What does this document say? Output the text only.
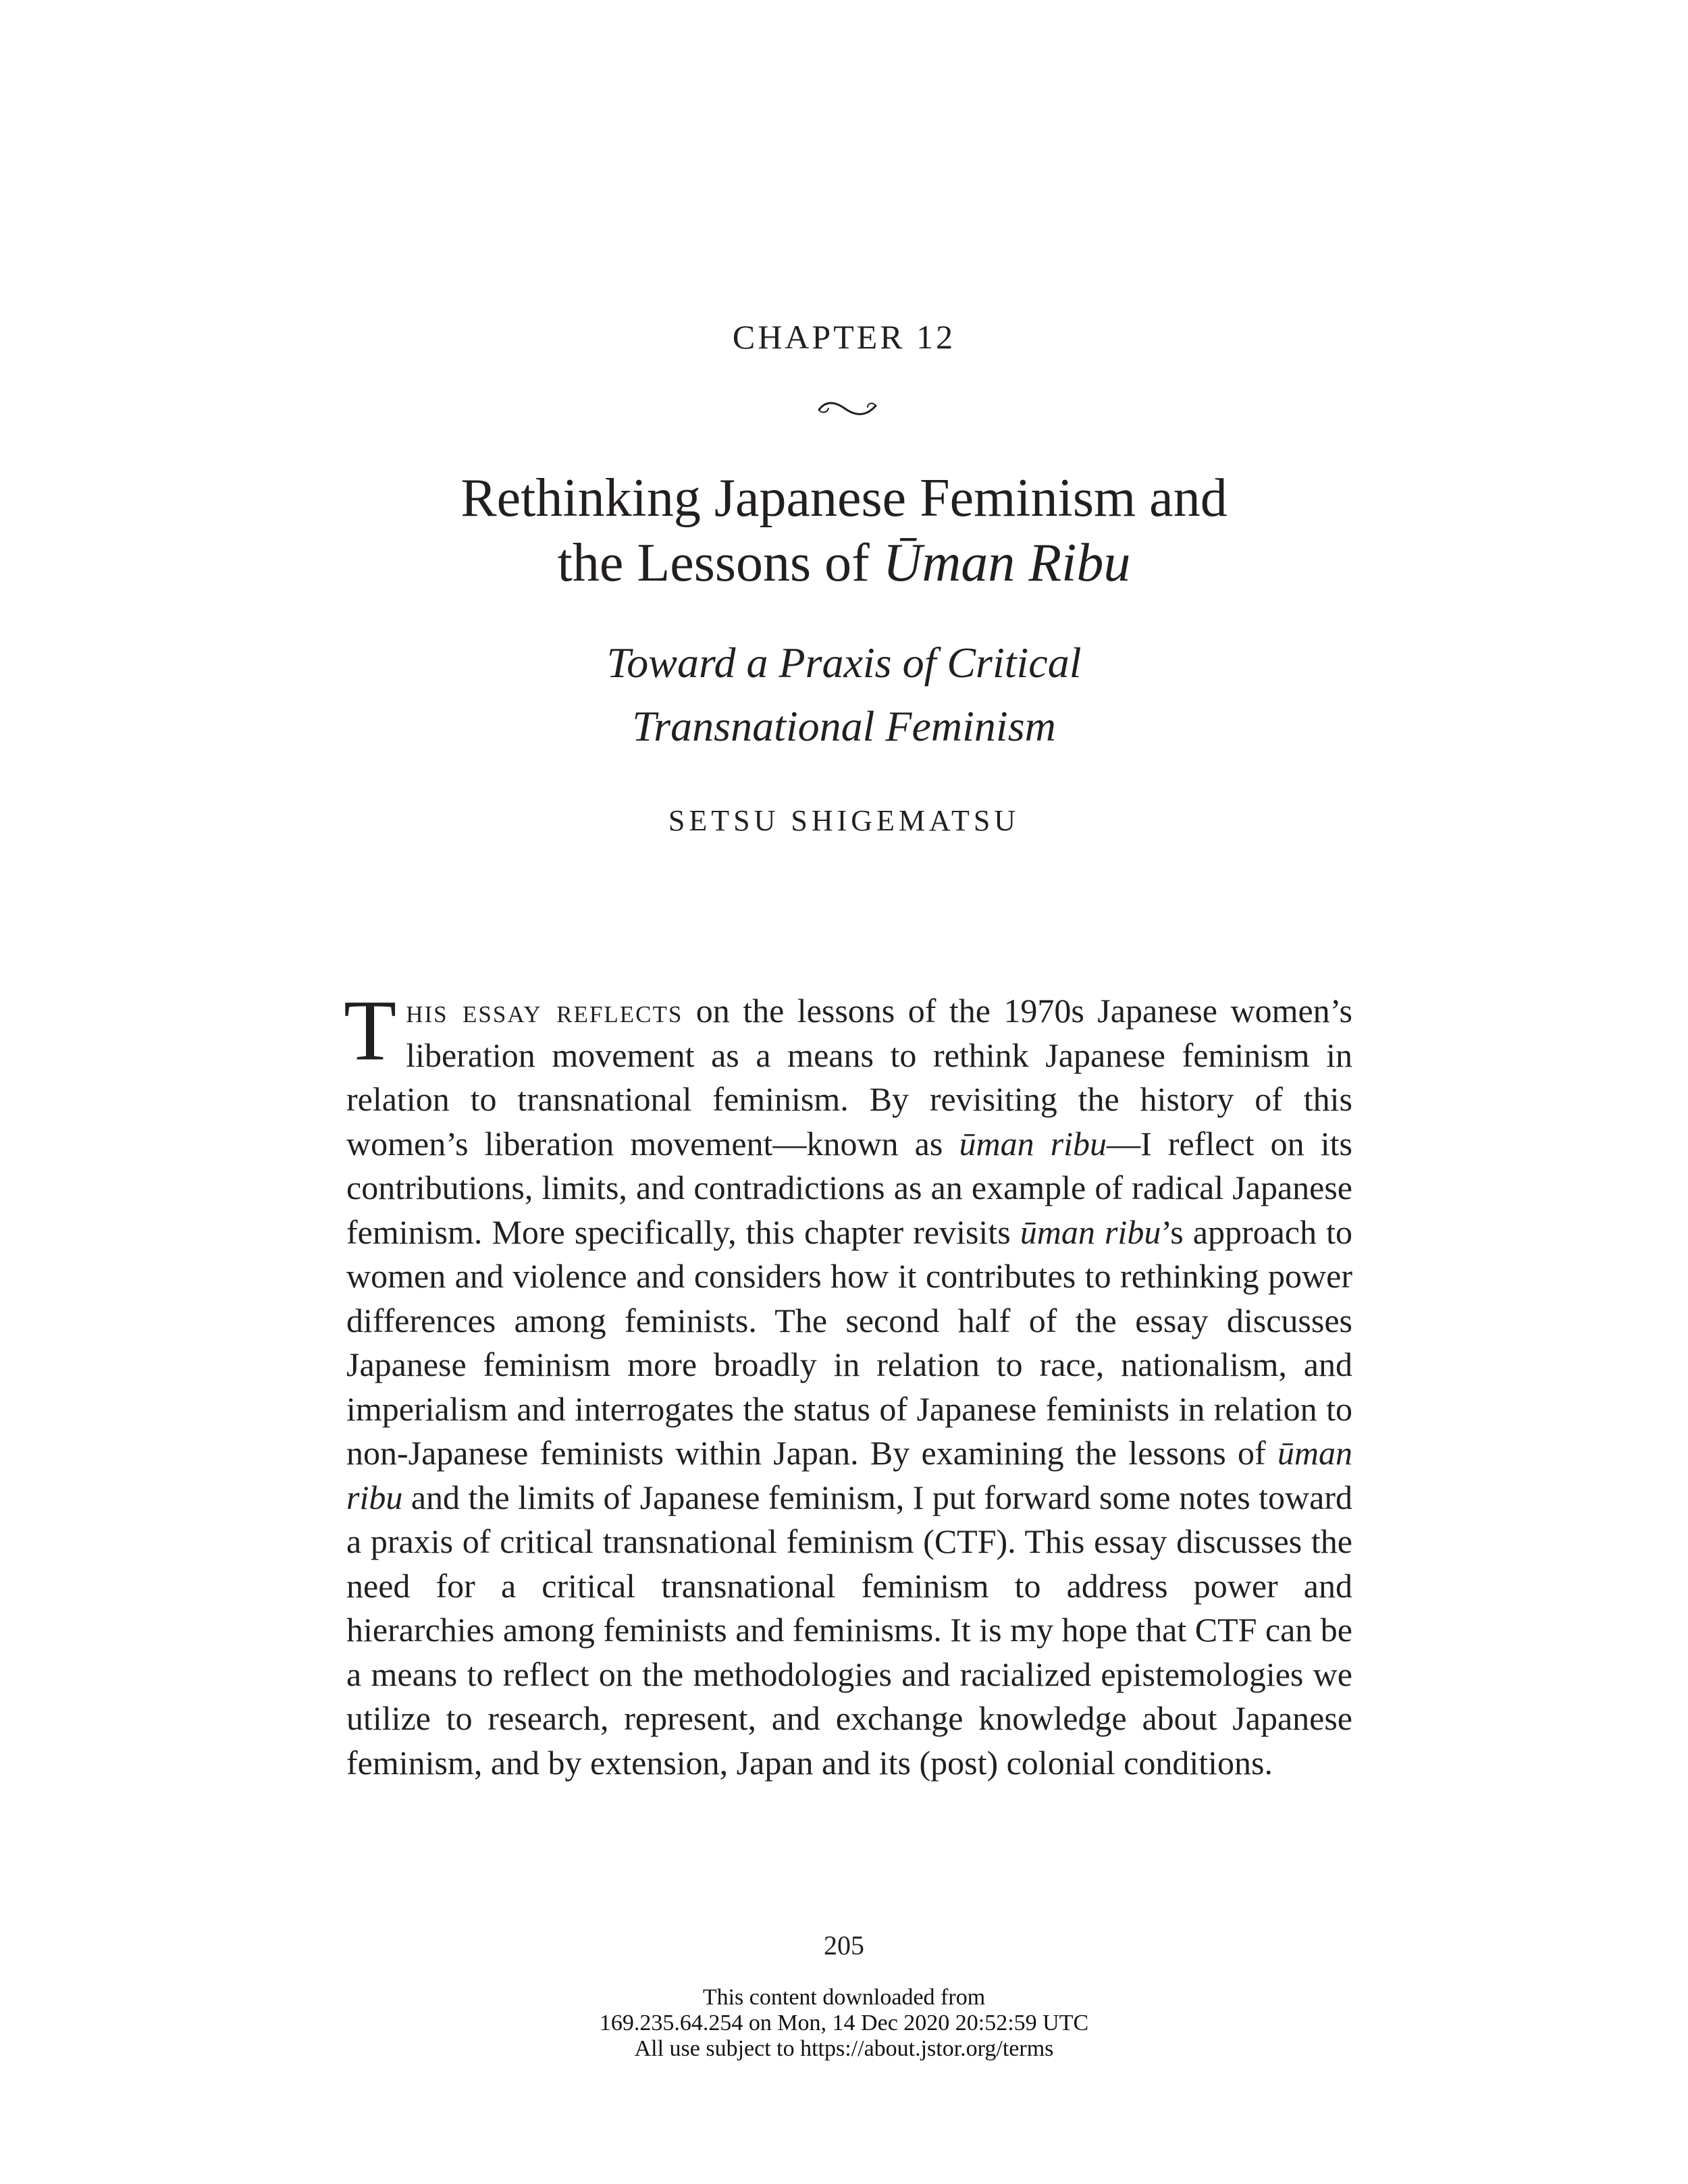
CHAPTER 12
Rethinking Japanese Feminism and
the Lessons of Ūman Ribu
Toward a Praxis of Critical
Transnational Feminism
SETSU SHIGEMATSU
This essay reflects on the lessons of the 1970s Japanese women’s liberation movement as a means to rethink Japanese feminism in relation to transnational feminism. By revisiting the history of this women’s liberation movement—known as ūman ribu—I reflect on its contributions, limits, and contradictions as an example of radical Japanese feminism. More specifically, this chapter revisits ūman ribu’s approach to women and violence and considers how it contributes to rethinking power differences among feminists. The second half of the essay discusses Japanese feminism more broadly in relation to race, nationalism, and imperialism and interrogates the status of Japanese feminists in relation to non-Japanese feminists within Japan. By examining the lessons of ūman ribu and the limits of Japanese feminism, I put forward some notes toward a praxis of critical transnational feminism (CTF). This essay discusses the need for a critical transnational feminism to address power and hierarchies among feminists and feminisms. It is my hope that CTF can be a means to reflect on the methodologies and racialized epistemologies we utilize to research, represent, and exchange knowledge about Japanese feminism, and by extension, Japan and its (post) colonial conditions.
205
This content downloaded from
169.235.64.254 on Mon, 14 Dec 2020 20:52:59 UTC
All use subject to https://about.jstor.org/terms
